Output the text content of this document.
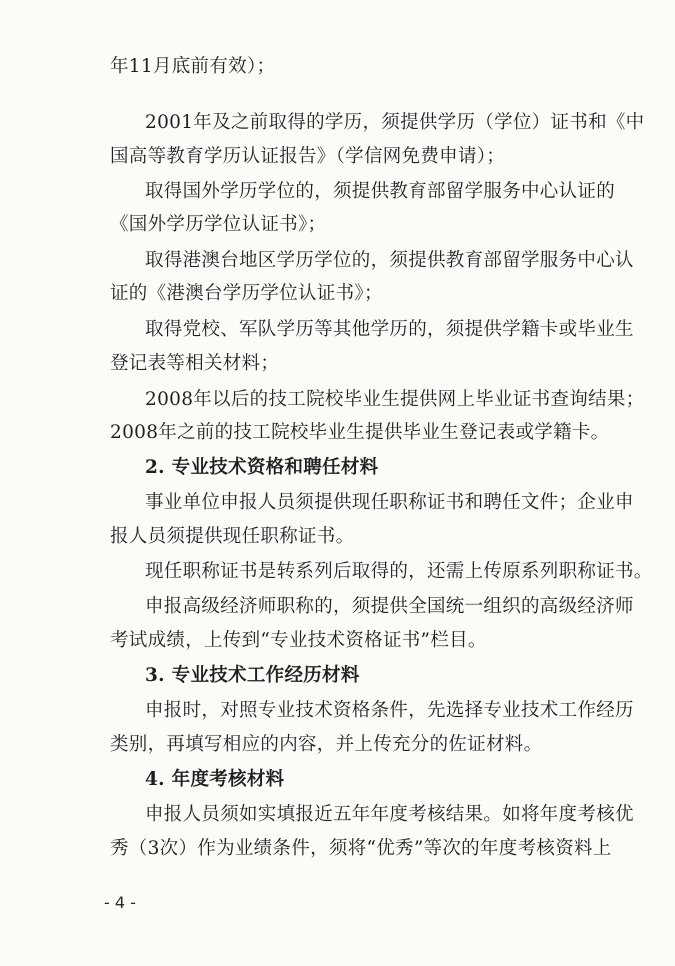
年11月底前有效）；
2001年及之前取得的学历，须提供学历（学位）证书和《中
国高等教育学历认证报告》（学信网免费申请）；
取得国外学历学位的，须提供教育部留学服务中心认证的
《国外学历学位认证书》；
取得港澳台地区学历学位的，须提供教育部留学服务中心认
证的《港澳台学历学位认证书》；
取得党校、军队学历等其他学历的，须提供学籍卡或毕业生
登记表等相关材料；
2008年以后的技工院校毕业生提供网上毕业证书查询结果；
2008年之前的技工院校毕业生提供毕业生登记表或学籍卡。
2. 专业技术资格和聘任材料
事业单位申报人员须提供现任职称证书和聘任文件；企业申
报人员须提供现任职称证书。
现任职称证书是转系列后取得的，还需上传原系列职称证书。
申报高级经济师职称的，须提供全国统一组织的高级经济师
考试成绩，上传到“专业技术资格证书”栏目。
3. 专业技术工作经历材料
申报时，对照专业技术资格条件，先选择专业技术工作经历
类别，再填写相应的内容，并上传充分的佐证材料。
4. 年度考核材料
申报人员须如实填报近五年年度考核结果。如将年度考核优
秀（3次）作为业绩条件，须将“优秀”等次的年度考核资料上
- 4 -
